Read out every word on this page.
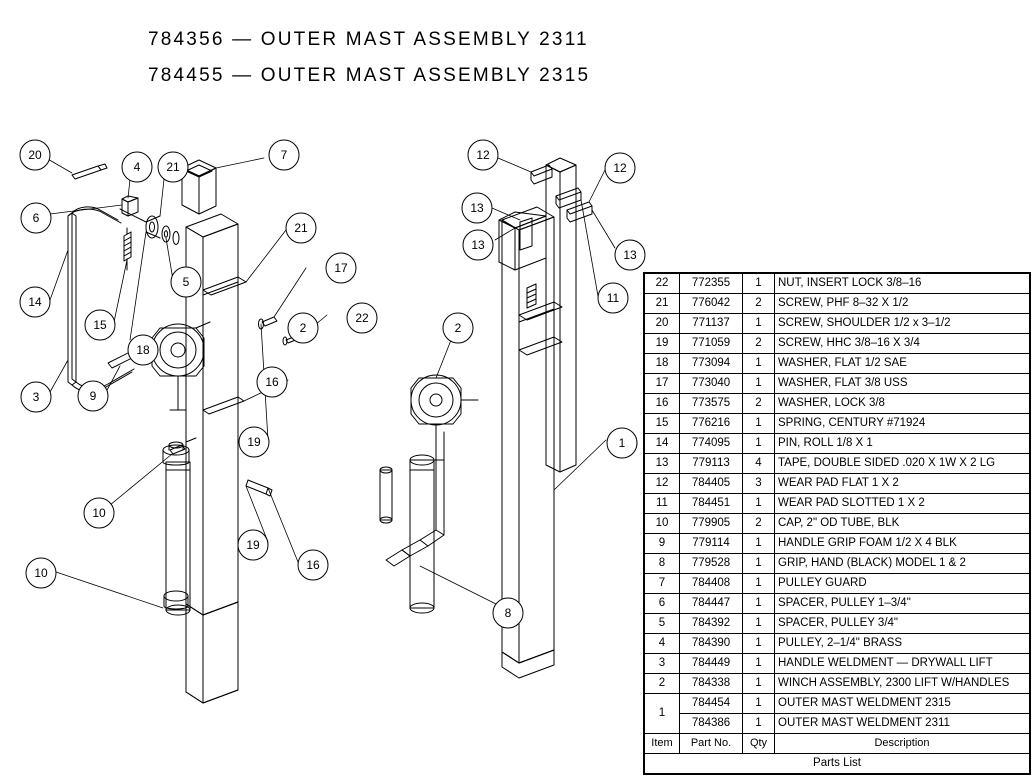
784356 — OUTER MAST ASSEMBLY 2311
784455 — OUTER MAST ASSEMBLY 2315
20
4 21
7
6
21
14
5
17
15
18
22
3
2
16
9
19
10
19
16
10
12
12
13
13
13
11
2
1
8
22	772355	1	NUT, INSERT LOCK 3/8–16
21	776042	2	SCREW, PHF 8–32 X 1/2
20	771137	1	SCREW, SHOULDER 1/2 x 3–1/2
19	771059	2	SCREW, HHC 3/8–16 X 3/4
18	773094	1	WASHER, FLAT 1/2 SAE
17	773040	1	WASHER, FLAT 3/8 USS
16	773575	2	WASHER, LOCK 3/8
15	776216	1	SPRING, CENTURY #71924
14	774095	1	PIN, ROLL 1/8 X 1
13	779113	4	TAPE, DOUBLE SIDED .020 X 1W X 2 LG
12	784405	3	WEAR PAD FLAT 1 X 2
11	784451	1	WEAR PAD SLOTTED 1 X 2
10	779905	2	CAP, 2" OD TUBE, BLK
9	779114	1	HANDLE GRIP FOAM 1/2 X 4 BLK
8	779528	1	GRIP, HAND (BLACK) MODEL 1 & 2
7	784408	1	PULLEY GUARD
6	784447	1	SPACER, PULLEY 1–3/4"
5	784392	1	SPACER, PULLEY 3/4"
4	784390	1	PULLEY, 2–1/4" BRASS
3	784449	1	HANDLE WELDMENT — DRYWALL LIFT
2	784338	1	WINCH ASSEMBLY, 2300 LIFT W/HANDLES
1	784454	1	OUTER MAST WELDMENT 2315
	784386	1	OUTER MAST WELDMENT 2311
Item	Part No.	Qty	Description
Parts List			
